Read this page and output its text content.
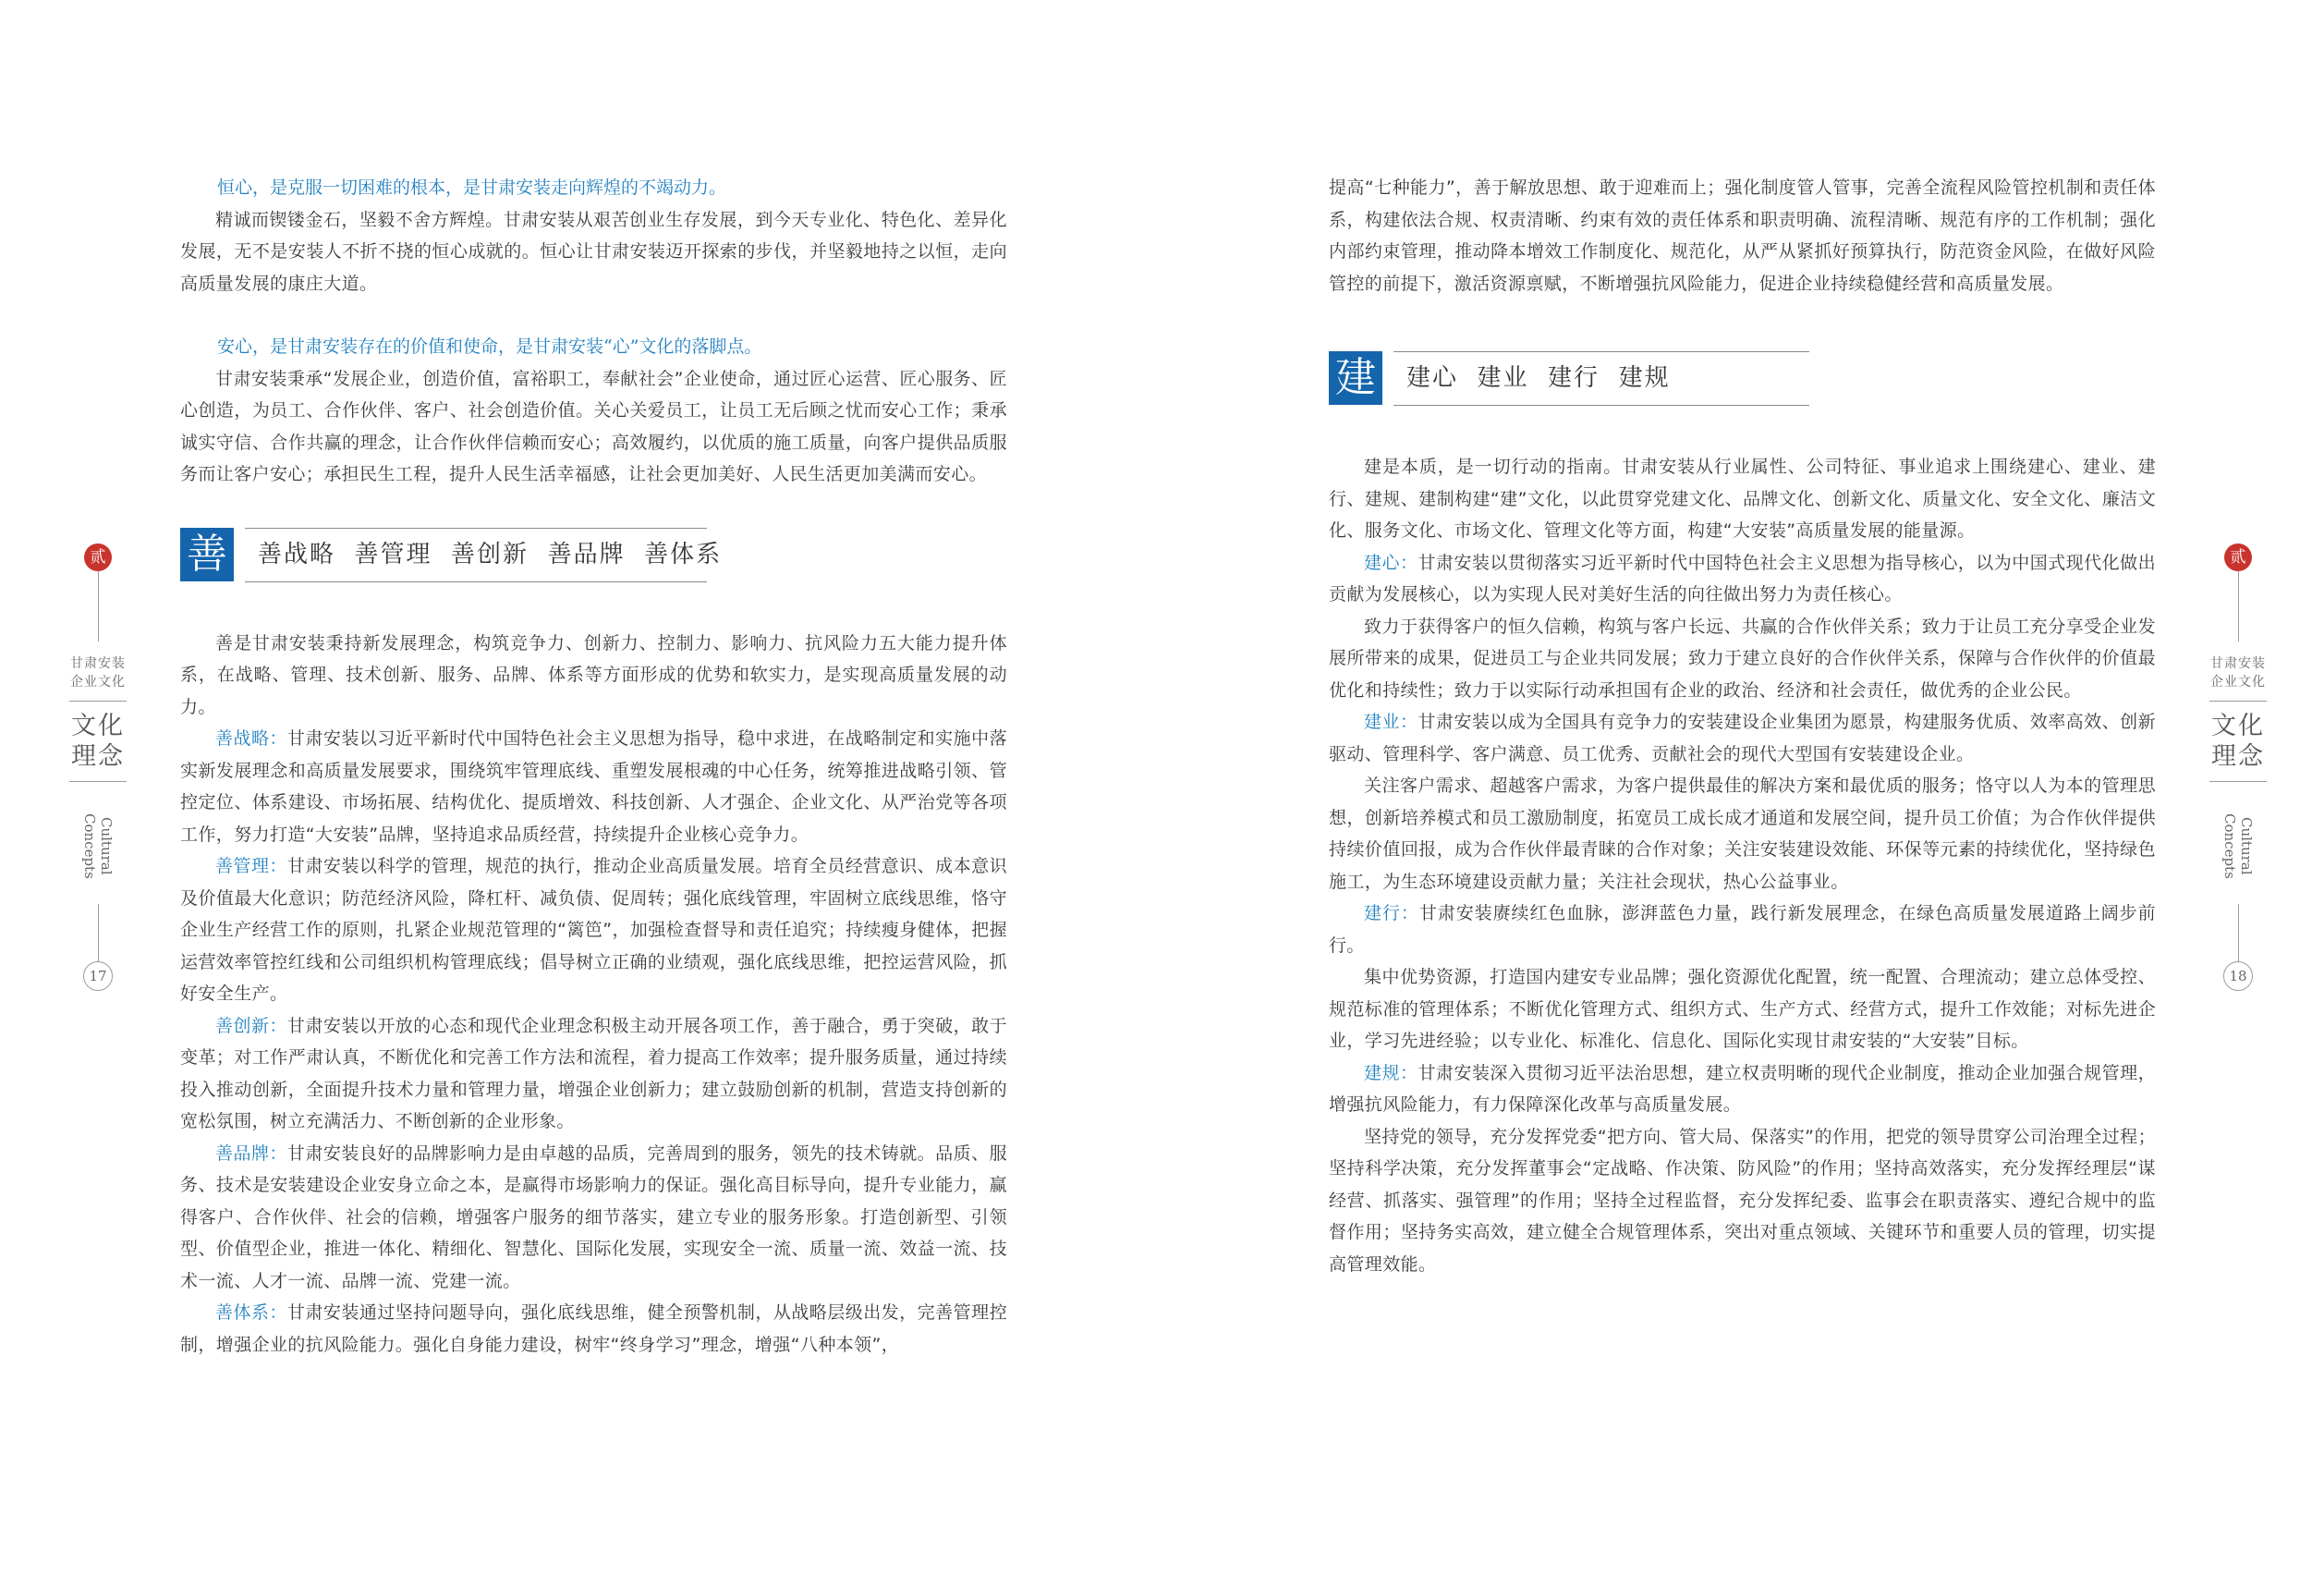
贰
甘肃安装
企业文化
文化
理念
Cultural Concepts
17
恒心，是克服一切困难的根本，是甘肃安装走向辉煌的不竭动力。

精诚而锲镂金石，坚毅不舍方辉煌。甘肃安装从艰苦创业生存发展，到今天专业化、特色化、差异化发展，无不是安装人不折不挠的恒心成就的。恒心让甘肃安装迈开探索的步伐，并坚毅地持之以恒，走向高质量发展的康庄大道。

安心，是甘肃安装存在的价值和使命，是甘肃安装“心”文化的落脚点。

甘肃安装秉承“发展企业，创造价值，富裕职工，奉献社会”企业使命，通过匠心运营、匠心服务、匠心创造，为员工、合作伙伴、客户、社会创造价值。关心关爱员工，让员工无后顾之忧而安心工作；秉承诚实守信、合作共赢的理念，让合作伙伴信赖而安心；高效履约，以优质的施工质量，向客户提供品质服务而让客户安心；承担民生工程，提升人民生活幸福感，让社会更加美好、人民生活更加美满而安心。

善 善战略  善管理  善创新  善品牌  善体系

善是甘肃安装秉持新发展理念，构筑竞争力、创新力、控制力、影响力、抗风险力五大能力提升体系，在战略、管理、技术创新、服务、品牌、体系等方面形成的优势和软实力，是实现高质量发展的动力。

善战略：甘肃安装以习近平新时代中国特色社会主义思想为指导，稳中求进，在战略制定和实施中落实新发展理念和高质量发展要求，围绕筑牢管理底线、重塑发展根魂的中心任务，统筹推进战略引领、管控定位、体系建设、市场拓展、结构优化、提质增效、科技创新、人才强企、企业文化、从严治党等各项工作，努力打造“大安装”品牌，坚持追求品质经营，持续提升企业核心竞争力。

善管理：甘肃安装以科学的管理，规范的执行，推动企业高质量发展。培育全员经营意识、成本意识及价值最大化意识；防范经济风险，降杠杆、减负债、促周转；强化底线管理，牢固树立底线思维，恪守企业生产经营工作的原则，扎紧企业规范管理的“篱笆”，加强检查督导和责任追究；持续瘦身健体，把握运营效率管控红线和公司组织机构管理底线；倡导树立正确的业绩观，强化底线思维，把控运营风险，抓好安全生产。

善创新：甘肃安装以开放的心态和现代企业理念积极主动开展各项工作，善于融合，勇于突破，敢于变革；对工作严肃认真，不断优化和完善工作方法和流程，着力提高工作效率；提升服务质量，通过持续投入推动创新，全面提升技术力量和管理力量，增强企业创新力；建立鼓励创新的机制，营造支持创新的宽松氛围，树立充满活力、不断创新的企业形象。

善品牌：甘肃安装良好的品牌影响力是由卓越的品质，完善周到的服务，领先的技术铸就。品质、服务、技术是安装建设企业安身立命之本，是赢得市场影响力的保证。强化高目标导向，提升专业能力，赢得客户、合作伙伴、社会的信赖，增强客户服务的细节落实，建立专业的服务形象。打造创新型、引领型、价值型企业，推进一体化、精细化、智慧化、国际化发展，实现安全一流、质量一流、效益一流、技术一流、人才一流、品牌一流、党建一流。

善体系：甘肃安装通过坚持问题导向，强化底线思维，健全预警机制，从战略层级出发，完善管理控制，增强企业的抗风险能力。强化自身能力建设，树牢“终身学习”理念，增强“八种本领”，

提高“七种能力”，善于解放思想、敢于迎难而上；强化制度管人管事，完善全流程风险管控机制和责任体系，构建依法合规、权责清晰、约束有效的责任体系和职责明确、流程清晰、规范有序的工作机制；强化内部约束管理，推动降本增效工作制度化、规范化，从严从紧抓好预算执行，防范资金风险，在做好风险管控的前提下，激活资源禀赋，不断增强抗风险能力，促进企业持续稳健经营和高质量发展。

建 建心  建业  建行  建规

建是本质，是一切行动的指南。甘肃安装从行业属性、公司特征、事业追求上围绕建心、建业、建行、建规、建制构建“建”文化，以此贯穿党建文化、品牌文化、创新文化、质量文化、安全文化、廉洁文化、服务文化、市场文化、管理文化等方面，构建“大安装”高质量发展的能量源。

建心：甘肃安装以贯彻落实习近平新时代中国特色社会主义思想为指导核心，以为中国式现代化做出贡献为发展核心，以为实现人民对美好生活的向往做出努力为责任核心。

致力于获得客户的恒久信赖，构筑与客户长远、共赢的合作伙伴关系；致力于让员工充分享受企业发展所带来的成果，促进员工与企业共同发展；致力于建立良好的合作伙伴关系，保障与合作伙伴的价值最优化和持续性；致力于以实际行动承担国有企业的政治、经济和社会责任，做优秀的企业公民。

建业：甘肃安装以成为全国具有竞争力的安装建设企业集团为愿景，构建服务优质、效率高效、创新驱动、管理科学、客户满意、员工优秀、贡献社会的现代大型国有安装建设企业。

关注客户需求、超越客户需求，为客户提供最佳的解决方案和最优质的服务；恪守以人为本的管理思想，创新培养模式和员工激励制度，拓宽员工成长成才通道和发展空间，提升员工价值；为合作伙伴提供持续价值回报，成为合作伙伴最青睐的合作对象；关注安装建设效能、环保等元素的持续优化，坚持绿色施工，为生态环境建设贡献力量；关注社会现状，热心公益事业。

建行：甘肃安装赓续红色血脉，澎湃蓝色力量，践行新发展理念，在绿色高质量发展道路上阔步前行。

集中优势资源，打造国内建安专业品牌；强化资源优化配置，统一配置、合理流动；建立总体受控、规范标准的管理体系；不断优化管理方式、组织方式、生产方式、经营方式，提升工作效能；对标先进企业，学习先进经验；以专业化、标准化、信息化、国际化实现甘肃安装的“大安装”目标。

建规：甘肃安装深入贯彻习近平法治思想，建立权责明晰的现代企业制度，推动企业加强合规管理，增强抗风险能力，有力保障深化改革与高质量发展。

坚持党的领导，充分发挥党委“把方向、管大局、保落实”的作用，把党的领导贯穿公司治理全过程；坚持科学决策，充分发挥董事会“定战略、作决策、防风险”的作用；坚持高效落实，充分发挥经理层“谋经营、抓落实、强管理”的作用；坚持全过程监督，充分发挥纪委、监事会在职责落实、遵纪合规中的监督作用；坚持务实高效，建立健全合规管理体系，突出对重点领域、关键环节和重要人员的管理，切实提高管理效能。

贰
甘肃安装
企业文化
文化
理念
Cultural Concepts
18
